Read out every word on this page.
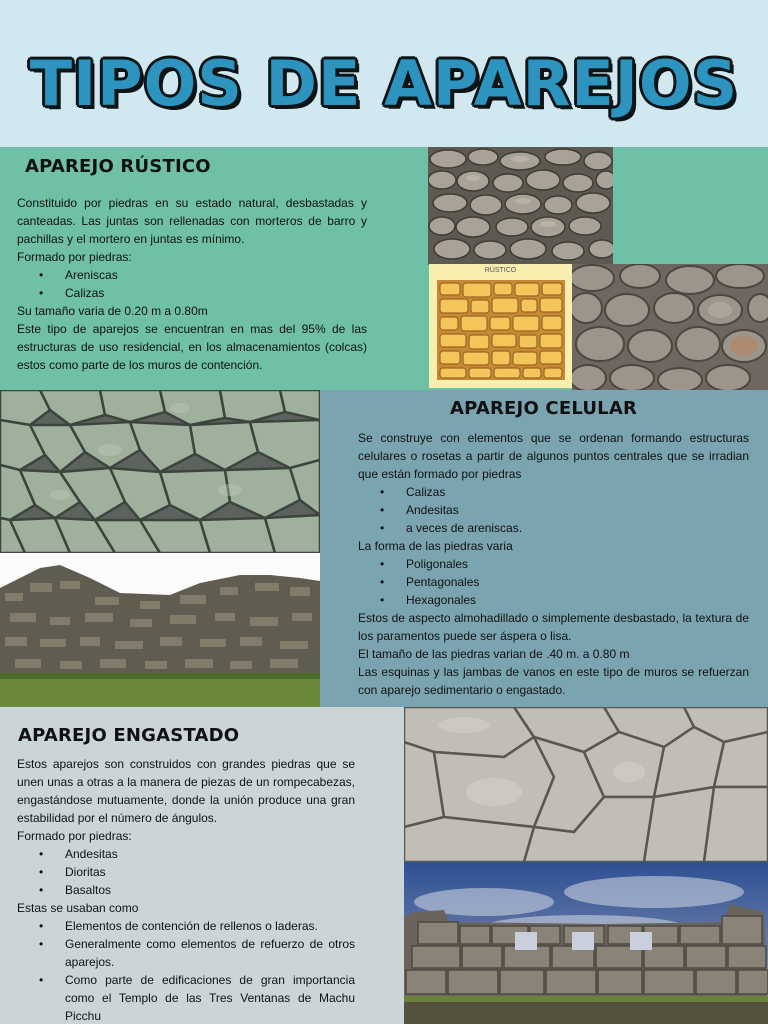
TIPOS DE APAREJOS
APAREJO RÚSTICO

Constituido por piedras en su estado natural, desbastadas y canteadas. Las juntas son rellenadas con morteros de barro y pachillas y el mortero en juntas es mínimo.

Formado por piedras:

• Areniscas
• Calizas

Su tamaño varia de 0.20 m a 0.80m

Este tipo de aparejos se encuentran en mas del 95% de las estructuras de uso residencial, en los almacenamientos (colcas) estos como parte de los muros de contención.

RÚSTICO
APAREJO CELULAR

Se construye con elementos que se ordenan formando estructuras celulares o rosetas a partir de algunos puntos centrales que se irradian que están formado por piedras

• Calizas
• Andesitas
• a veces de areniscas.

La forma de las piedras varia

• Poligonales
• Pentagonales
• Hexagonales

Estos de aspecto almohadillado o simplemente desbastado, la textura de los paramentos puede ser áspera o lisa.

El tamaño de las piedras varian de .40 m. a 0.80 m

Las esquinas y las jambas de vanos en este tipo de muros se refuerzan con aparejo sedimentario o engastado.

APAREJO ENGASTADO

Estos aparejos son construidos con grandes piedras que se unen unas a otras a la manera de piezas de un rompecabezas, engastándose mutuamente, donde la unión produce una gran estabilidad por el número de ángulos.

Formado por piedras:

• Andesitas
• Dioritas
• Basaltos

Estas se usaban como

• Elementos de contención de rellenos o laderas.
• Generalmente como elementos de refuerzo de otros aparejos.
• Como parte de edificaciones de gran importancia como el Templo de las Tres Ventanas de Machu Picchu
